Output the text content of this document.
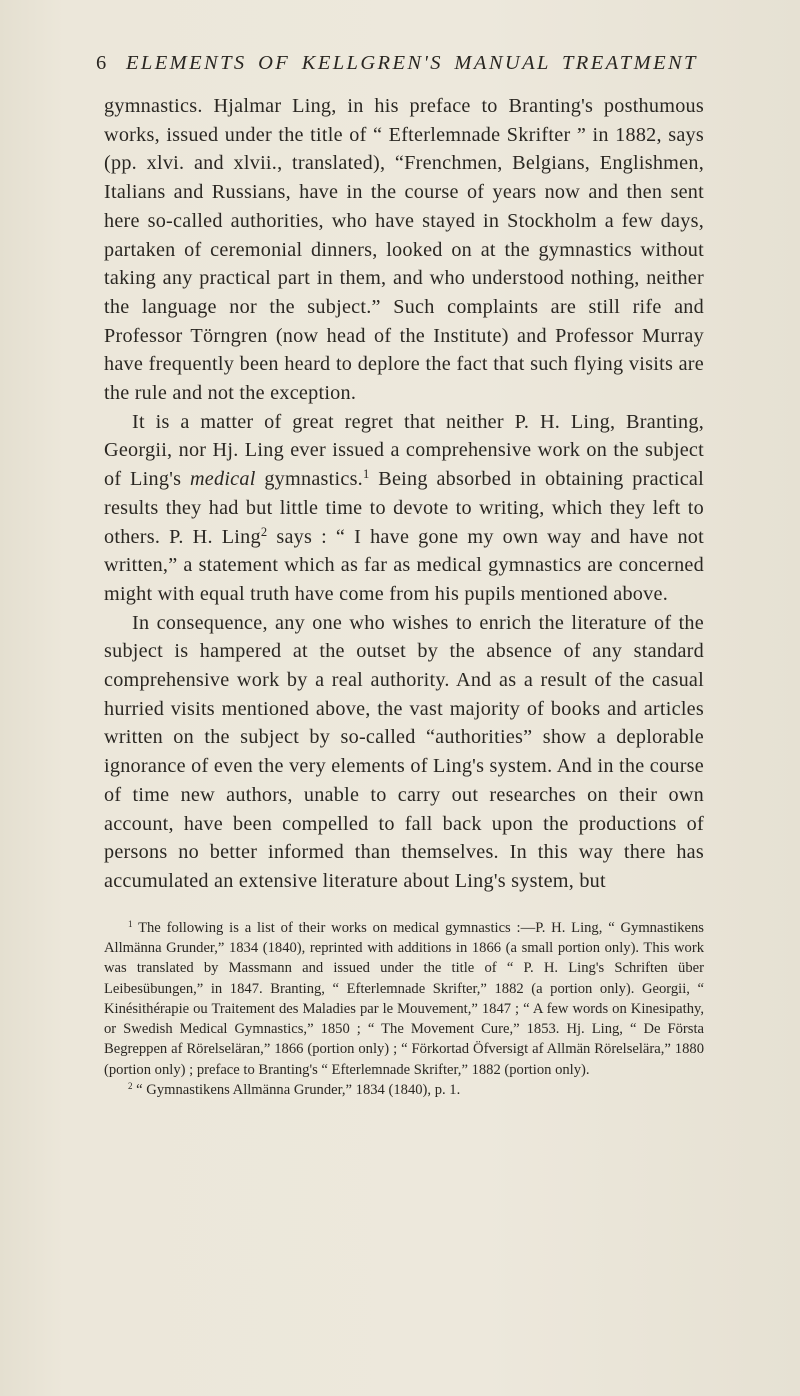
6 ELEMENTS OF KELLGREN'S MANUAL TREATMENT

gymnastics. Hjalmar Ling, in his preface to Branting's posthumous works, issued under the title of “ Efterlemnade Skrifter ” in 1882, says (pp. xlvi. and xlvii., translated), “Frenchmen, Belgians, Englishmen, Italians and Russians, have in the course of years now and then sent here so-called authorities, who have stayed in Stockholm a few days, partaken of ceremonial dinners, looked on at the gymnastics without taking any practical part in them, and who understood nothing, neither the language nor the subject.” Such complaints are still rife and Professor Törngren (now head of the Institute) and Professor Murray have frequently been heard to deplore the fact that such flying visits are the rule and not the exception.

It is a matter of great regret that neither P. H. Ling, Branting, Georgii, nor Hj. Ling ever issued a comprehensive work on the subject of Ling's medical gymnastics.$^1$ Being absorbed in obtaining practical results they had but little time to devote to writing, which they left to others. P. H. Ling$^2$ says : “ I have gone my own way and have not written,” a statement which as far as medical gymnastics are concerned might with equal truth have come from his pupils mentioned above.

In consequence, any one who wishes to enrich the literature of the subject is hampered at the outset by the absence of any standard comprehensive work by a real authority. And as a result of the casual hurried visits mentioned above, the vast majority of books and articles written on the subject by so-called “authorities” show a deplorable ignorance of even the very elements of Ling's system. And in the course of time new authors, unable to carry out researches on their own account, have been compelled to fall back upon the productions of persons no better informed than themselves. In this way there has accumulated an extensive literature about Ling's system, but

$^1$ The following is a list of their works on medical gymnastics :—P. H. Ling, “ Gymnastikens Allmänna Grunder,” 1834 (1840), reprinted with additions in 1866 (a small portion only). This work was translated by Massmann and issued under the title of “ P. H. Ling's Schriften über Leibesübungen,” in 1847. Branting, “ Efterlemnade Skrifter,” 1882 (a portion only). Georgii, “ Kinésithérapie ou Traitement des Maladies par le Mouvement,” 1847 ; “ A few words on Kinesipathy, or Swedish Medical Gymnastics,” 1850 ; “ The Movement Cure,” 1853. Hj. Ling, “ De Första Begreppen af Rörelseläran,” 1866 (portion only) ; “ Förkortad Öfversigt af Allmän Rörelselära,” 1880 (portion only) ; preface to Branting's “ Efterlemnade Skrifter,” 1882 (portion only).

$^2$ “ Gymnastikens Allmänna Grunder,” 1834 (1840), p. 1.
